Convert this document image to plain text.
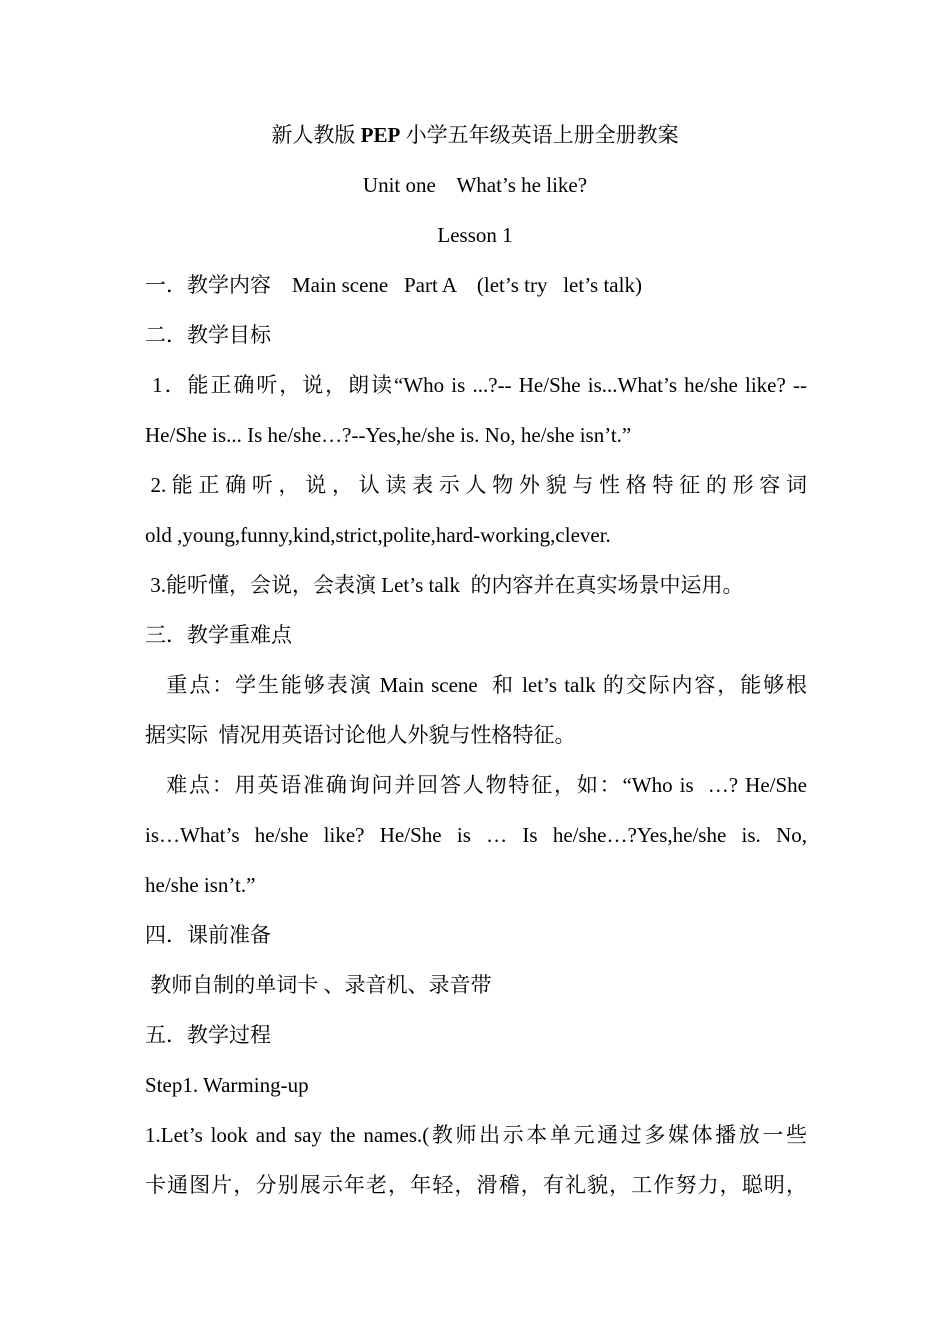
新人教版 PEP 小学五年级英语上册全册教案
Unit one    What’s he like?
Lesson 1
一．教学内容    Main scene   Part A    (let’s try   let’s talk)
二．教学目标
1．能正确听，说，朗读“Who is ...?-- He/She is...What’s he/she like? --
He/She is... Is he/she…?--Yes,he/she is. No, he/she isn’t.”
2. 能 正 确 听 ， 说 ， 认 读 表 示 人 物 外 貌 与 性 格 特 征 的 形 容 词
old ,young,funny,kind,strict,polite,hard-working,clever.
3.能听懂，会说，会表演 Let’s talk  的内容并在真实场景中运用。
三．教学重难点
重点：学生能够表演 Main scene  和 let’s talk 的交际内容，能够根
据实际  情况用英语讨论他人外貌与性格特征。
难点：用英语准确询问并回答人物特征，如：“Who is  …? He/She
is…What’s he/she like? He/She is … Is he/she…?Yes,he/she is. No,
he/she isn’t.”
四．课前准备
教师自制的单词卡 、录音机、录音带
五．教学过程
Step1. Warming-up
1.Let’s look and say the names.(教师出示本单元通过多媒体播放一些
卡通图片，分别展示年老，年轻，滑稽，有礼貌，工作努力，聪明，
